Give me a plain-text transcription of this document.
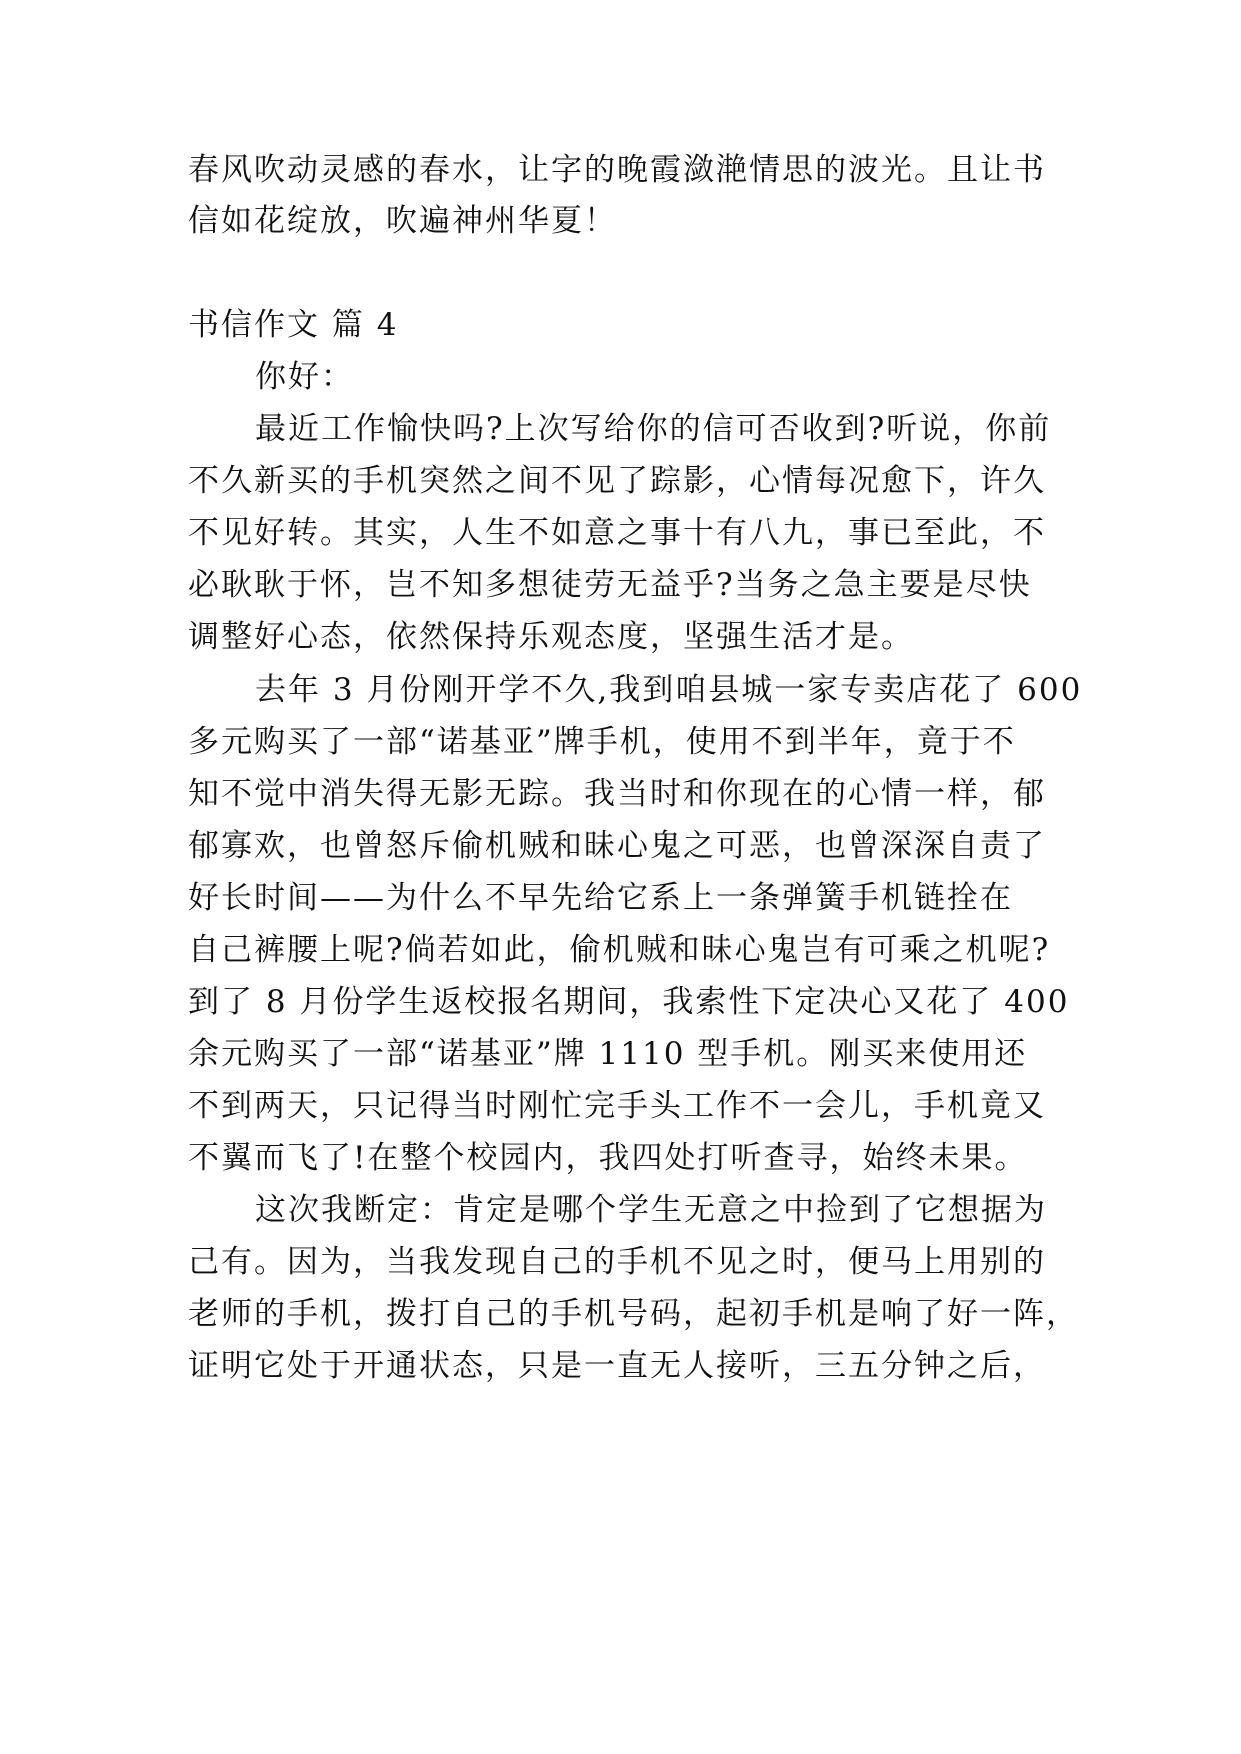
春风吹动灵感的春水，让字的晚霞潋滟情思的波光。且让书
信如花绽放，吹遍神州华夏！
书信作文 篇 4
你好：
最近工作愉快吗?上次写给你的信可否收到?听说，你前
不久新买的手机突然之间不见了踪影，心情每况愈下，许久
不见好转。其实，人生不如意之事十有八九，事已至此，不
必耿耿于怀，岂不知多想徒劳无益乎?当务之急主要是尽快
调整好心态，依然保持乐观态度，坚强生活才是。
去年 3 月份刚开学不久,我到咱县城一家专卖店花了 600
多元购买了一部“诺基亚”牌手机，使用不到半年，竟于不
知不觉中消失得无影无踪。我当时和你现在的心情一样，郁
郁寡欢，也曾怒斥偷机贼和昧心鬼之可恶，也曾深深自责了
好长时间——为什么不早先给它系上一条弹簧手机链拴在
自己裤腰上呢?倘若如此，偷机贼和昧心鬼岂有可乘之机呢?
到了 8 月份学生返校报名期间，我索性下定决心又花了 400
余元购买了一部“诺基亚”牌 1110 型手机。刚买来使用还
不到两天，只记得当时刚忙完手头工作不一会儿，手机竟又
不翼而飞了!在整个校园内，我四处打听查寻，始终未果。
这次我断定：肯定是哪个学生无意之中捡到了它想据为
己有。因为，当我发现自己的手机不见之时，便马上用别的
老师的手机，拨打自己的手机号码，起初手机是响了好一阵，
证明它处于开通状态，只是一直无人接听，三五分钟之后，
